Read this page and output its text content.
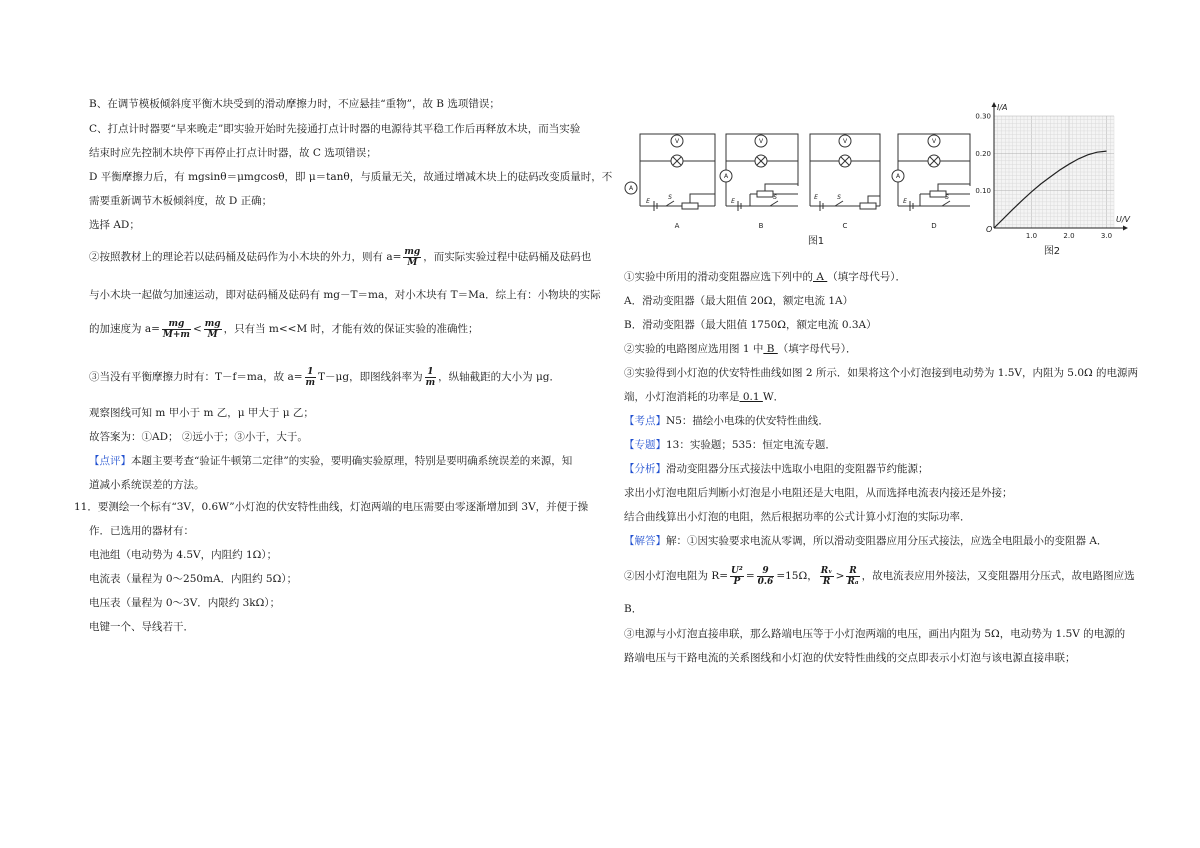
B、在调节模板倾斜度平衡木块受到的滑动摩擦力时，不应悬挂“重物”，故 B 选项错误；
C、打点计时器要“早来晚走”即实验开始时先接通打点计时器的电源待其平稳工作后再释放木块，而当实验
结束时应先控制木块停下再停止打点计时器，故 C 选项错误；
D 平衡摩擦力后，有 mgsinθ＝μmgcosθ，即 μ＝tanθ，与质量无关，故通过增减木块上的砝码改变质量时，不
需要重新调节木板倾斜度，故 D 正确；
选择 AD；
②按照教材上的理论若以砝码桶及砝码作为小木块的外力，则有 $a= \frac{mg}{M}$ ，而实际实验过程中砝码桶及砝码也
与小木块一起做匀加速运动，即对砝码桶及砝码有 mg－T＝ma，对小木块有 T＝Ma．综上有：小物块的实际
的加速度为 $a= \frac{mg}{M+m} < \frac{mg}{M}$ ，只有当 m<<M 时，才能有效的保证实验的准确性；
③当没有平衡摩擦力时有：T－f＝ma，故 $a= \frac{1}{m} T-\mu g$，即图线斜率为 $\frac{1}{m}$ ，纵轴截距的大小为 μg．
观察图线可知 m 甲小于 m 乙，μ 甲大于 μ 乙；
故答案为：①AD； ②远小于；③小于，大于。
【点评】本题主要考查“验证牛顿第二定律”的实验，要明确实验原理，特别是要明确系统误差的来源，知
道减小系统误差的方法。
11．要测绘一个标有“3V，0.6W”小灯泡的伏安特性曲线，灯泡两端的电压需要由零逐渐增加到 3V，并便于操
作．已选用的器材有：
电池组（电动势为 4.5V，内阻约 1Ω）；
电流表（量程为 0～250mA．内阻约 5Ω）；
电压表（量程为 0～3V．内限约 3kΩ）；
电键一个、导线若干．
V	V	V	V
A
A	A
E
S
E
S	E	S
E
S
A	B	C	D
图1	1.0	2.0	3.0
0.10
0.20
0.30
I/A
U/V
O
图2
①实验中所用的滑动变阻器应选下列中的 A （填字母代号）．
A．滑动变阻器（最大阻值 20Ω，额定电流 1A）
B．滑动变阻器（最大阻值 1750Ω，额定电流 0.3A）
②实验的电路图应选用图 1 中 B （填字母代号）．
③实验得到小灯泡的伏安特性曲线如图 2 所示．如果将这个小灯泡接到电动势为 1.5V，内阻为 5.0Ω 的电源两
端，小灯泡消耗的功率是 0.1 W．
【考点】N5：描绘小电珠的伏安特性曲线．
【专题】13：实验题；535：恒定电流专题．
【分析】滑动变阻器分压式接法中选取小电阻的变阻器节约能源；
求出小灯泡电阻后判断小灯泡是小电阻还是大电阻，从而选择电流表内接还是外接；
结合曲线算出小灯泡的电阻，然后根据功率的公式计算小灯泡的实际功率．
【解答】解：①因实验要求电流从零调，所以滑动变阻器应用分压式接法，应选全电阻最小的变阻器 A．
②因小灯泡电阻为 $R= \frac{\text{U²}}{P} = \frac{9}{0.6} =15\Omega$， $\frac{\text{Rᵥ}}{R} > \frac{R}{\text{Rₐ}}$ ，故电流表应用外接法，又变阻器用分压式，故电路图应选
B．
③电源与小灯泡直接串联，那么路端电压等于小灯泡两端的电压，画出内阻为 5Ω，电动势为 1.5V 的电源的
路端电压与干路电流的关系图线和小灯泡的伏安特性曲线的交点即表示小灯泡与该电源直接串联；
